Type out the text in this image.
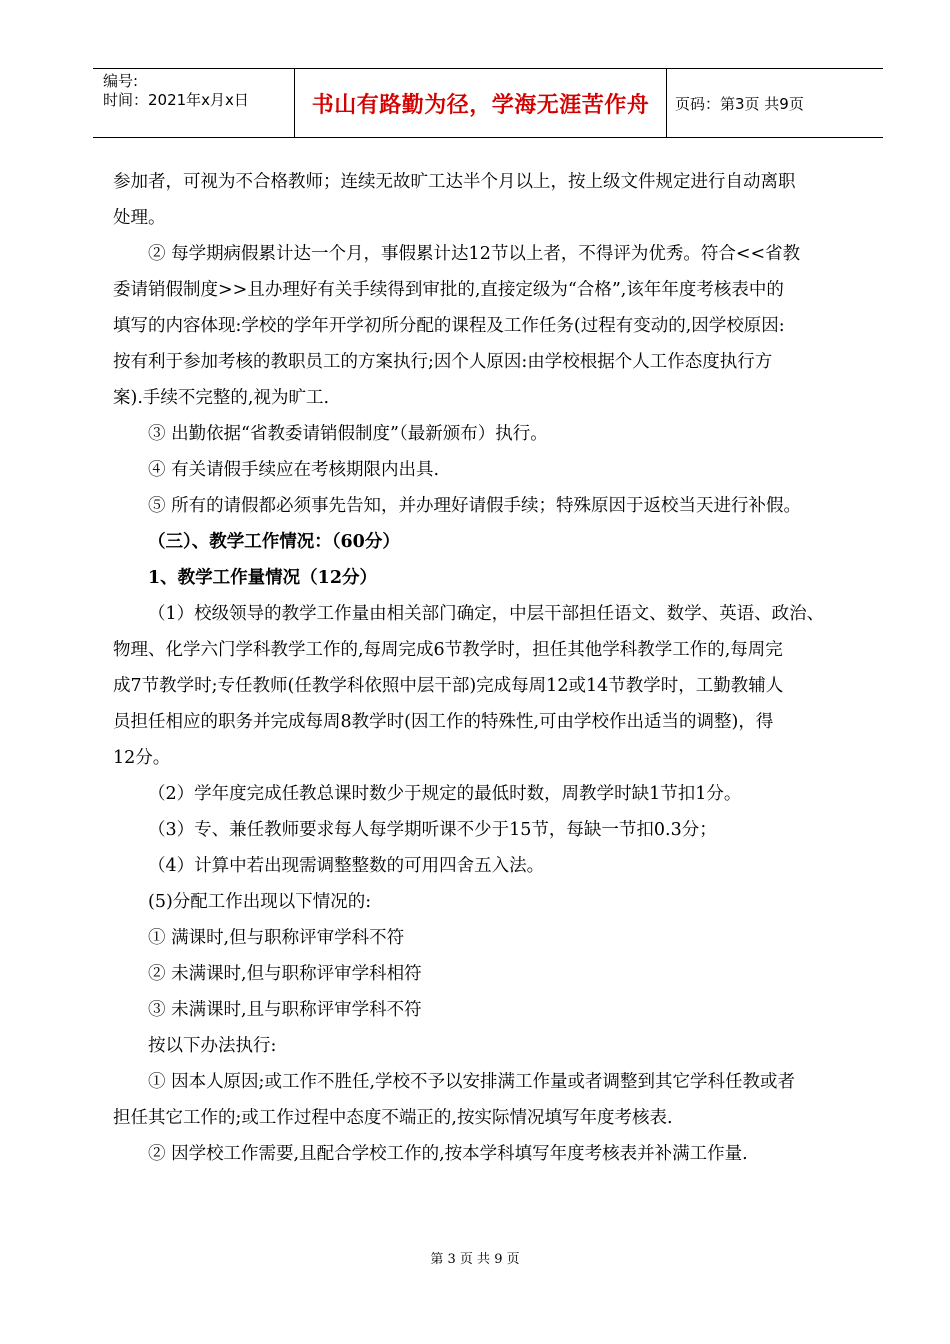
编号:
时间：2021年x月x日	书山有路勤为径，学海无涯苦作舟 页码：第3页 共9页

参加者，可视为不合格教师；连续无故旷工达半个月以上，按上级文件规定进行自动离职

处理。

② 每学期病假累计达一个月，事假累计达12节以上者，不得评为优秀。符合<<省教

委请销假制度>>且办理好有关手续得到审批的,直接定级为“合格”,该年年度考核表中的

填写的内容体现:学校的学年开学初所分配的课程及工作任务(过程有变动的,因学校原因:

按有利于参加考核的教职员工的方案执行;因个人原因:由学校根据个人工作态度执行方

案).手续不完整的,视为旷工.

③ 出勤依据“省教委请销假制度”（最新颁布）执行。

④ 有关请假手续应在考核期限内出具.

⑤ 所有的请假都必须事先告知，并办理好请假手续；特殊原因于返校当天进行补假。

（三）、教学工作情况：（60分）

1、教学工作量情况（12分）

（1）校级领导的教学工作量由相关部门确定，中层干部担任语文、数学、英语、政治、

物理、化学六门学科教学工作的,每周完成6节教学时，担任其他学科教学工作的,每周完

成7节教学时;专任教师(任教学科依照中层干部)完成每周12或14节教学时，工勤教辅人

员担任相应的职务并完成每周8教学时(因工作的特殊性,可由学校作出适当的调整)，得

12分。

（2）学年度完成任教总课时数少于规定的最低时数，周教学时缺1节扣1分。

（3）专、兼任教师要求每人每学期听课不少于15节，每缺一节扣0.3分；

（4）计算中若出现需调整整数的可用四舍五入法。

(5)分配工作出现以下情况的:

① 满课时,但与职称评审学科不符

② 未满课时,但与职称评审学科相符

③ 未满课时,且与职称评审学科不符

按以下办法执行:

① 因本人原因;或工作不胜任,学校不予以安排满工作量或者调整到其它学科任教或者

担任其它工作的;或工作过程中态度不端正的,按实际情况填写年度考核表.

② 因学校工作需要,且配合学校工作的,按本学科填写年度考核表并补满工作量.

第 3 页 共 9 页
